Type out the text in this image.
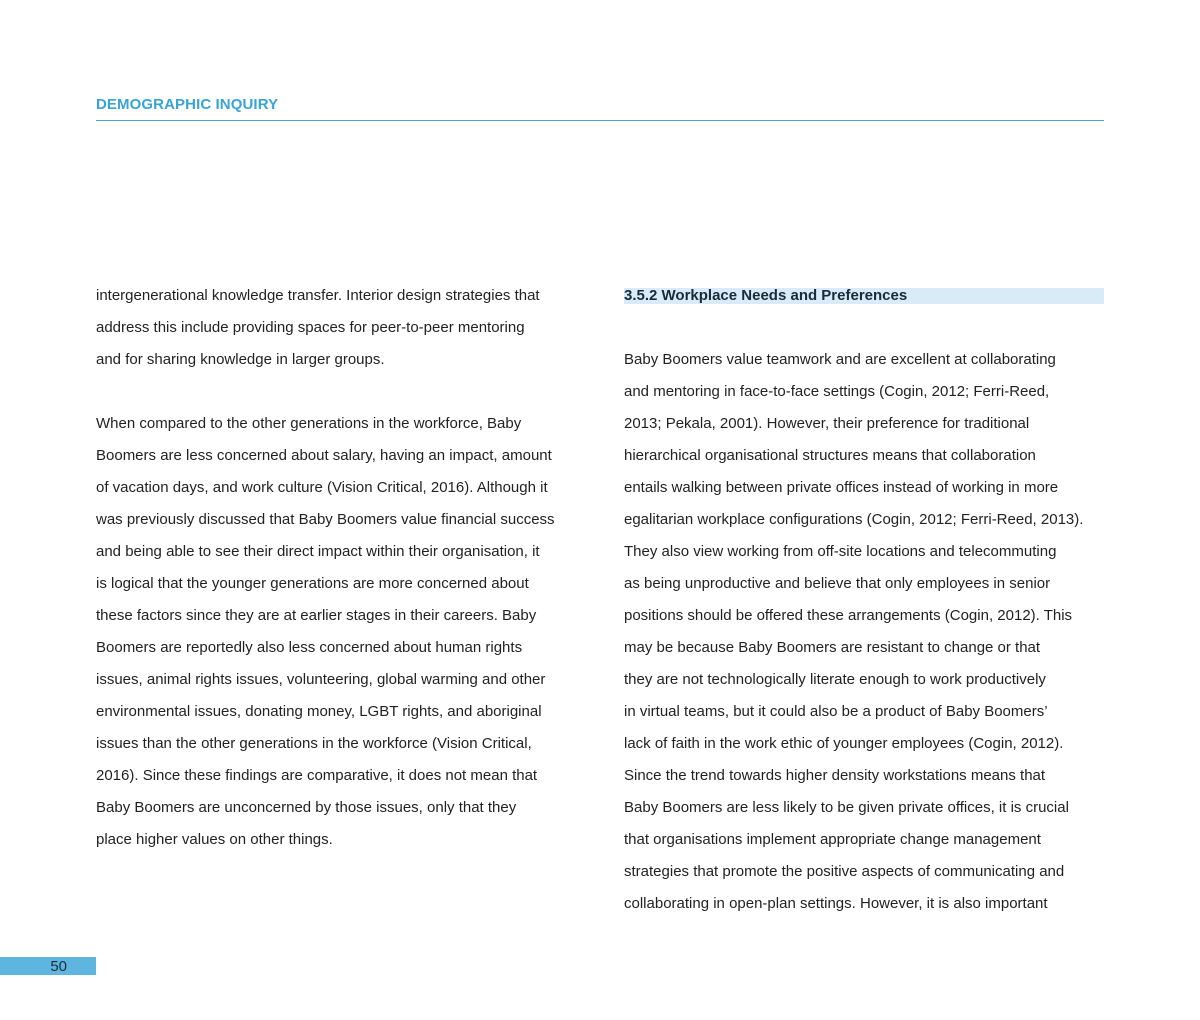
DEMOGRAPHIC INQUIRY
intergenerational knowledge transfer. Interior design strategies that
address this include providing spaces for peer-to-peer mentoring
and for sharing knowledge in larger groups.
When compared to the other generations in the workforce, Baby
Boomers are less concerned about salary, having an impact, amount
of vacation days, and work culture (Vision Critical, 2016). Although it
was previously discussed that Baby Boomers value financial success
and being able to see their direct impact within their organisation, it
is logical that the younger generations are more concerned about
these factors since they are at earlier stages in their careers. Baby
Boomers are reportedly also less concerned about human rights
issues, animal rights issues, volunteering, global warming and other
environmental issues, donating money, LGBT rights, and aboriginal
issues than the other generations in the workforce (Vision Critical,
2016). Since these findings are comparative, it does not mean that
Baby Boomers are unconcerned by those issues, only that they
place higher values on other things.
3.5.2 Workplace Needs and Preferences
Baby Boomers value teamwork and are excellent at collaborating
and mentoring in face-to-face settings (Cogin, 2012; Ferri-Reed,
2013; Pekala, 2001). However, their preference for traditional
hierarchical organisational structures means that collaboration
entails walking between private offices instead of working in more
egalitarian workplace configurations (Cogin, 2012; Ferri-Reed, 2013).
They also view working from off-site locations and telecommuting
as being unproductive and believe that only employees in senior
positions should be offered these arrangements (Cogin, 2012). This
may be because Baby Boomers are resistant to change or that
they are not technologically literate enough to work productively
in virtual teams, but it could also be a product of Baby Boomers’
lack of faith in the work ethic of younger employees (Cogin, 2012).
Since the trend towards higher density workstations means that
Baby Boomers are less likely to be given private offices, it is crucial
that organisations implement appropriate change management
strategies that promote the positive aspects of communicating and
collaborating in open-plan settings. However, it is also important
50
